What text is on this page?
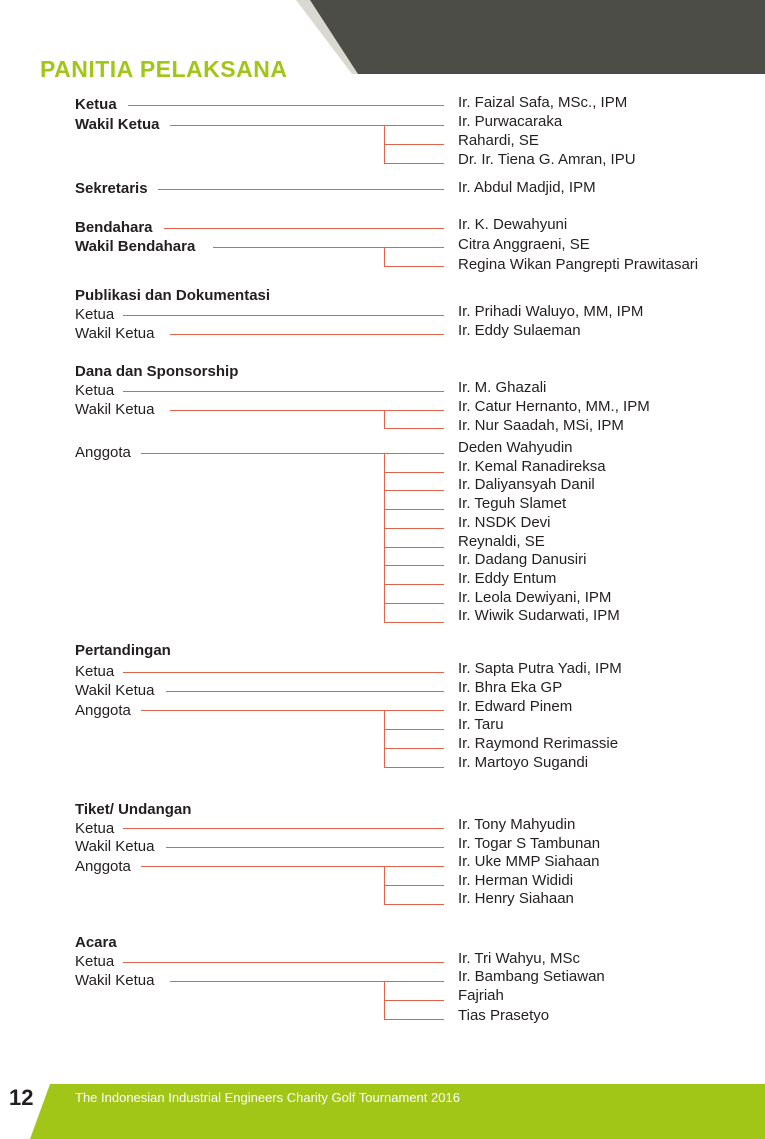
PANITIA PELAKSANA
Ketua	Ir. Faizal Safa, MSc., IPM
Wakil Ketua	Ir. Purwacaraka
Rahardi, SE
Dr. Ir. Tiena G. Amran, IPU
Sekretaris	Ir. Abdul Madjid, IPM
Bendahara	Ir. K. Dewahyuni
Wakil Bendahara	Citra Anggraeni, SE
Regina Wikan Pangrepti Prawitasari
Publikasi dan Dokumentasi
Ketua	Ir. Prihadi Waluyo, MM, IPM
Wakil Ketua	Ir. Eddy Sulaeman
Dana dan Sponsorship
Ketua	Ir. M. Ghazali
Wakil Ketua	Ir. Catur Hernanto, MM., IPM
Ir. Nur Saadah, MSi, IPM
Anggota	Deden Wahyudin
Ir. Kemal Ranadireksa
Ir. Daliyansyah Danil
Ir. Teguh Slamet
Ir. NSDK Devi
Reynaldi, SE
Ir. Dadang Danusiri
Ir. Eddy Entum
Ir. Leola Dewiyani, IPM
Ir. Wiwik Sudarwati, IPM
Pertandingan
Ketua	Ir. Sapta Putra Yadi, IPM
Wakil Ketua	Ir. Bhra Eka GP
Anggota	Ir. Edward Pinem
Ir. Taru
Ir. Raymond Rerimassie
Ir. Martoyo Sugandi
Tiket/ Undangan
Ketua	Ir. Tony Mahyudin
Wakil Ketua	Ir. Togar S Tambunan
Anggota	Ir. Uke MMP Siahaan
Ir. Herman Wididi
Ir. Henry Siahaan
Acara
Ketua	Ir. Tri Wahyu, MSc
Wakil Ketua	Ir. Bambang Setiawan
Fajriah
Tias Prasetyo
12	The Indonesian Industrial Engineers Charity Golf Tournament 2016
